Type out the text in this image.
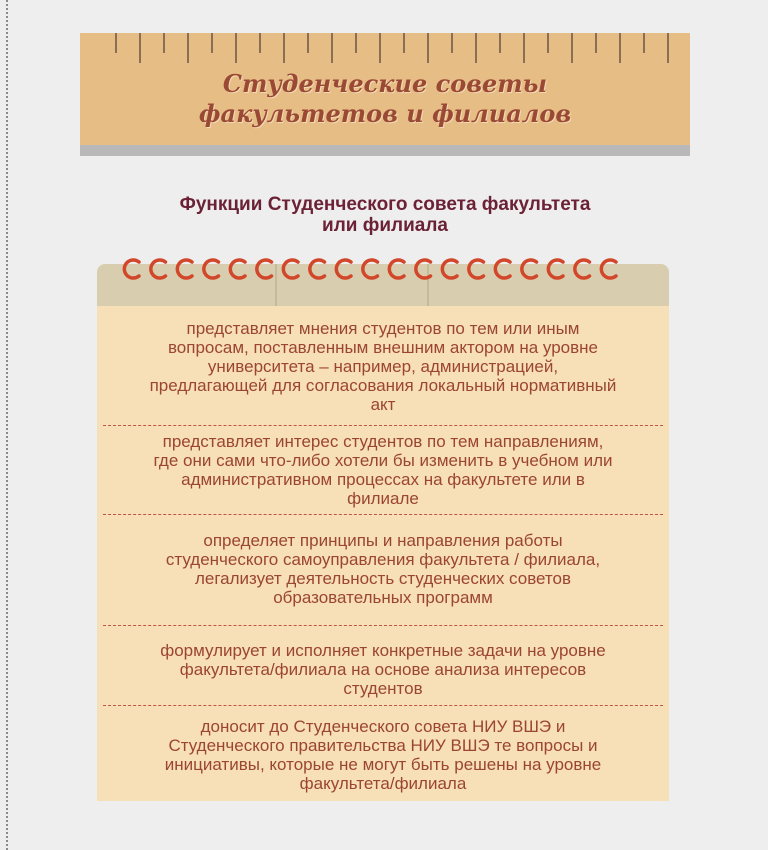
Студенческие советы
факультетов и филиалов
Функции Студенческого совета факультета
или филиала

представляет мнения студентов по тем или иным
вопросам, поставленным внешним актором на уровне
университета – например, администрацией,
предлагающей для согласования локальный нормативный
акт

представляет интерес студентов по тем направлениям,
где они сами что-либо хотели бы изменить в учебном или
административном процессах на факультете или в
филиале

определяет принципы и направления работы
студенческого самоуправления факультета / филиала,
легализует деятельность студенческих советов
образовательных программ

формулирует и исполняет конкретные задачи на уровне
факультета/филиала на основе анализа интересов
студентов

доносит до Студенческого совета НИУ ВШЭ и
Студенческого правительства НИУ ВШЭ те вопросы и
инициативы, которые не могут быть решены на уровне
факультета/филиала
